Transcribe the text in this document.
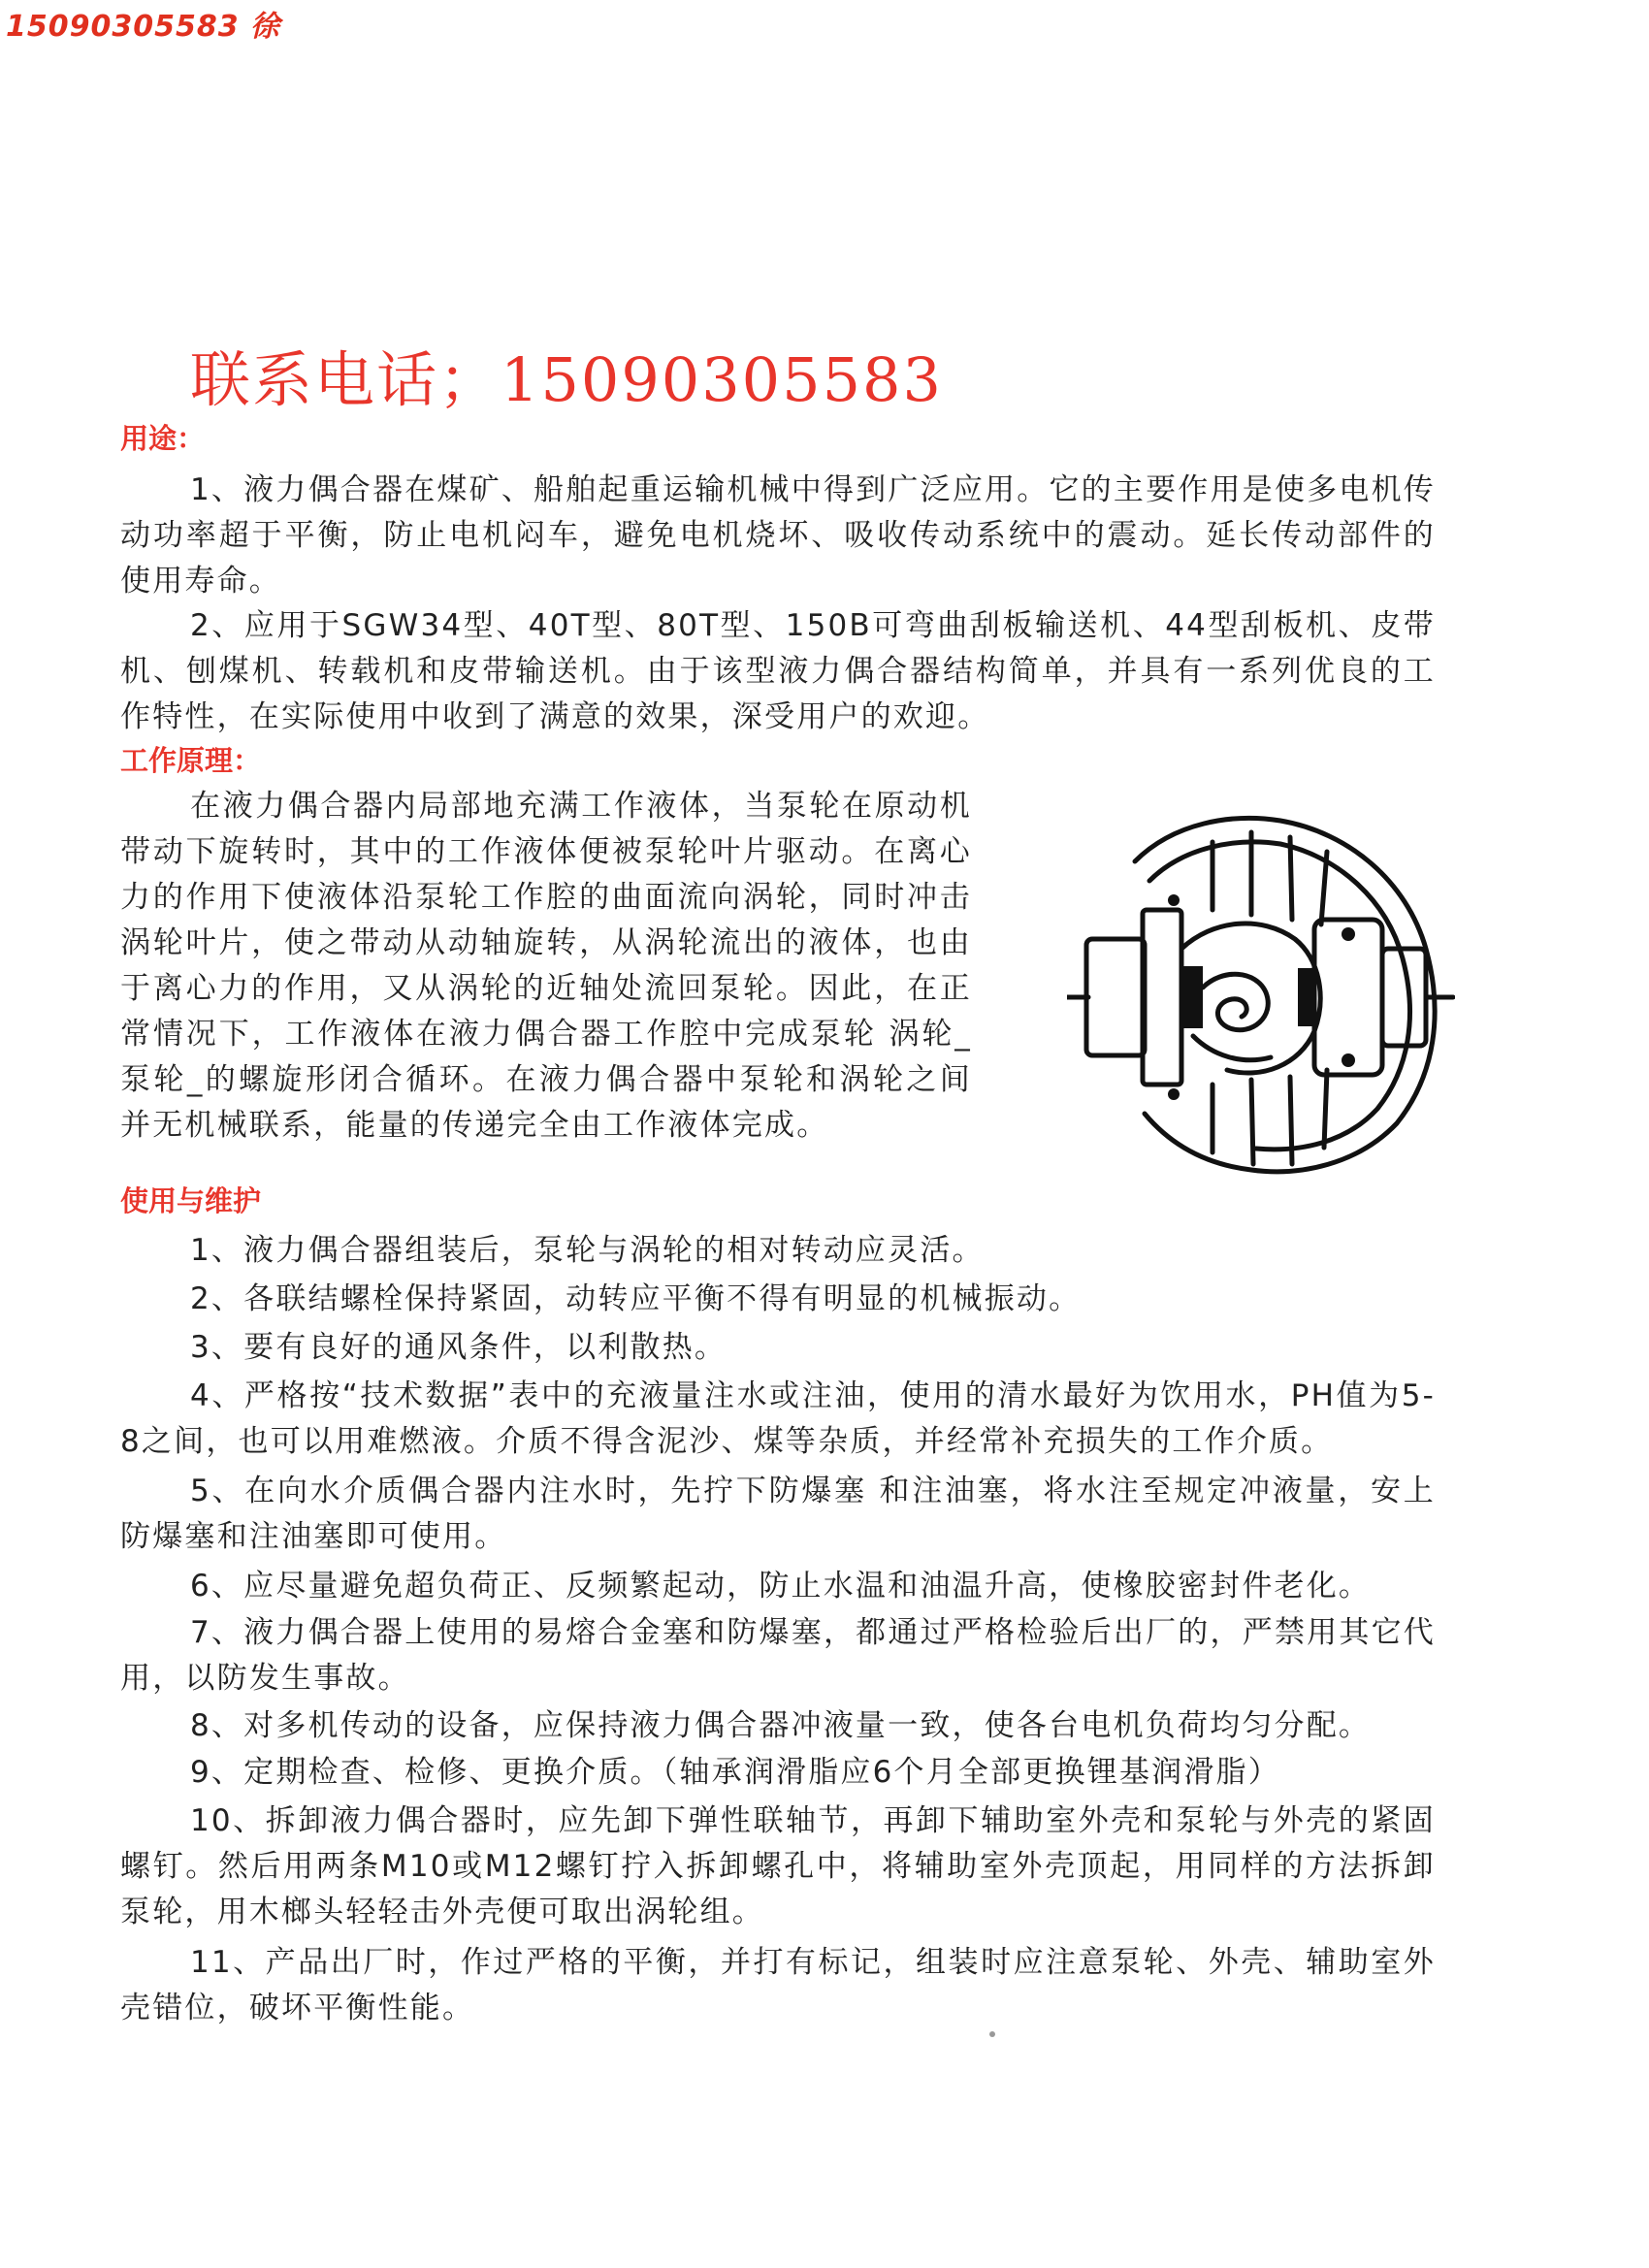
15090305583 徐
联系电话；15090305583
用途：
1、液力偶合器在煤矿、船舶起重运输机械中得到广泛应用。它的主要作用是使多电机传动功率超于平衡，防止电机闷车，避免电机烧坏、吸收传动系统中的震动。延长传动部件的使用寿命。
2、应用于SGW34型、40T型、80T型、150B可弯曲刮板输送机、44型刮板机、皮带机、刨煤机、转载机和皮带输送机。由于该型液力偶合器结构简单，并具有一系列优良的工作特性，在实际使用中收到了满意的效果，深受用户的欢迎。
工作原理：
在液力偶合器内局部地充满工作液体，当泵轮在原动机带动下旋转时，其中的工作液体便被泵轮叶片驱动。在离心力的作用下使液体沿泵轮工作腔的曲面流向涡轮，同时冲击涡轮叶片，使之带动从动轴旋转，从涡轮流出的液体，也由于离心力的作用，又从涡轮的近轴处流回泵轮。因此，在正常情况下，工作液体在液力偶合器工作腔中完成泵轮 涡轮_泵轮_的螺旋形闭合循环。在液力偶合器中泵轮和涡轮之间并无机械联系，能量的传递完全由工作液体完成。
使用与维护
1、液力偶合器组装后，泵轮与涡轮的相对转动应灵活。
2、各联结螺栓保持紧固，动转应平衡不得有明显的机械振动。
3、要有良好的通风条件，以利散热。
4、严格按“技术数据”表中的充液量注水或注油，使用的清水最好为饮用水，PH值为5-8之间，也可以用难燃液。介质不得含泥沙、煤等杂质，并经常补充损失的工作介质。
5、在向水介质偶合器内注水时，先拧下防爆塞 和注油塞，将水注至规定冲液量，安上防爆塞和注油塞即可使用。
6、应尽量避免超负荷正、反频繁起动，防止水温和油温升高，使橡胶密封件老化。
7、液力偶合器上使用的易熔合金塞和防爆塞，都通过严格检验后出厂的，严禁用其它代用，以防发生事故。
8、对多机传动的设备，应保持液力偶合器冲液量一致，使各台电机负荷均匀分配。
9、定期检查、检修、更换介质。（轴承润滑脂应6个月全部更换锂基润滑脂）
10、拆卸液力偶合器时，应先卸下弹性联轴节，再卸下辅助室外壳和泵轮与外壳的紧固螺钉。然后用两条M10或M12螺钉拧入拆卸螺孔中，将辅助室外壳顶起，用同样的方法拆卸泵轮，用木榔头轻轻击外壳便可取出涡轮组。
11、产品出厂时，作过严格的平衡，并打有标记，组装时应注意泵轮、外壳、辅助室外壳错位，破坏平衡性能。
